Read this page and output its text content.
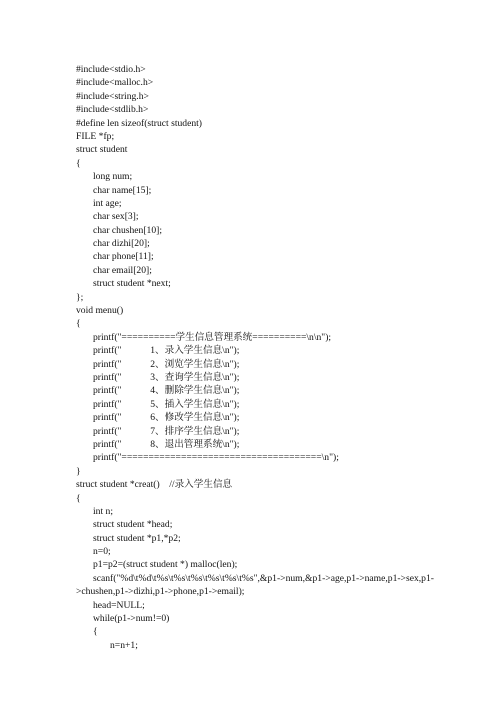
#include<stdio.h>
#include<malloc.h>
#include<string.h>
#include<stdlib.h>
#define len sizeof(struct student)
FILE *fp;
struct student
{
long num;
char name[15];
int age;
char sex[3];
char chushen[10];
char dizhi[20];
char phone[11];
char email[20];
struct student *next;
};
void menu()
{
printf("==========学生信息管理系统==========\n\n");
printf("            1、录入学生信息\n");
printf("            2、浏览学生信息\n");
printf("            3、查询学生信息\n");
printf("            4、删除学生信息\n");
printf("            5、插入学生信息\n");
printf("            6、修改学生信息\n");
printf("            7、排序学生信息\n");
printf("            8、退出管理系统\n");
printf("=====================================\n");
}
struct student *creat()    //录入学生信息
{
int n;
struct student *head;
struct student *p1,*p2;
n=0;
p1=p2=(struct student *) malloc(len);
scanf("%d\t%d\t%s\t%s\t%s\t%s\t%s\t%s",&p1->num,&p1->age,p1->name,p1->sex,p1-
>chushen,p1->dizhi,p1->phone,p1->email);
head=NULL;
while(p1->num!=0)
{
n=n+1;
